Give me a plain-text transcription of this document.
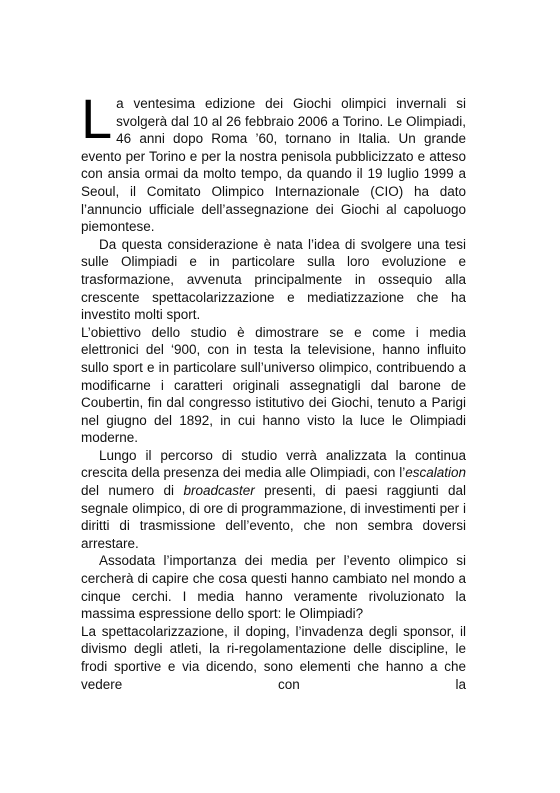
La ventesima edizione dei Giochi olimpici invernali si svolgerà dal 10 al 26 febbraio 2006 a Torino. Le Olimpiadi, 46 anni dopo Roma ’60, tornano in Italia. Un grande evento per Torino e per la nostra penisola pubblicizzato e atteso con ansia ormai da molto tempo, da quando il 19 luglio 1999 a Seoul, il Comitato Olimpico Internazionale (CIO) ha dato l’annuncio ufficiale dell’assegnazione dei Giochi al capoluogo piemontese.

Da questa considerazione è nata l’idea di svolgere una tesi sulle Olimpiadi e in particolare sulla loro evoluzione e trasformazione, avvenuta principalmente in ossequio alla crescente spettacolarizzazione e mediatizzazione che ha investito molti sport.

L’obiettivo dello studio è dimostrare se e come i media elettronici del ‘900, con in testa la televisione, hanno influito sullo sport e in particolare sull’universo olimpico, contribuendo a modificarne i caratteri originali assegnatigli dal barone de Coubertin, fin dal congresso istitutivo dei Giochi, tenuto a Parigi nel giugno del 1892, in cui hanno visto la luce le Olimpiadi moderne.

Lungo il percorso di studio verrà analizzata la continua crescita della presenza dei media alle Olimpiadi, con l’escalation del numero di broadcaster presenti, di paesi raggiunti dal segnale olimpico, di ore di programmazione, di investimenti per i diritti di trasmissione dell’evento, che non sembra doversi arrestare.

Assodata l’importanza dei media per l’evento olimpico si cercherà di capire che cosa questi hanno cambiato nel mondo a cinque cerchi. I media hanno veramente rivoluzionato la massima espressione dello sport: le Olimpiadi?

La spettacolarizzazione, il doping, l’invadenza degli sponsor, il divismo degli atleti, la ri-regolamentazione delle discipline, le frodi sportive e via dicendo, sono elementi che hanno a che vedere con la
